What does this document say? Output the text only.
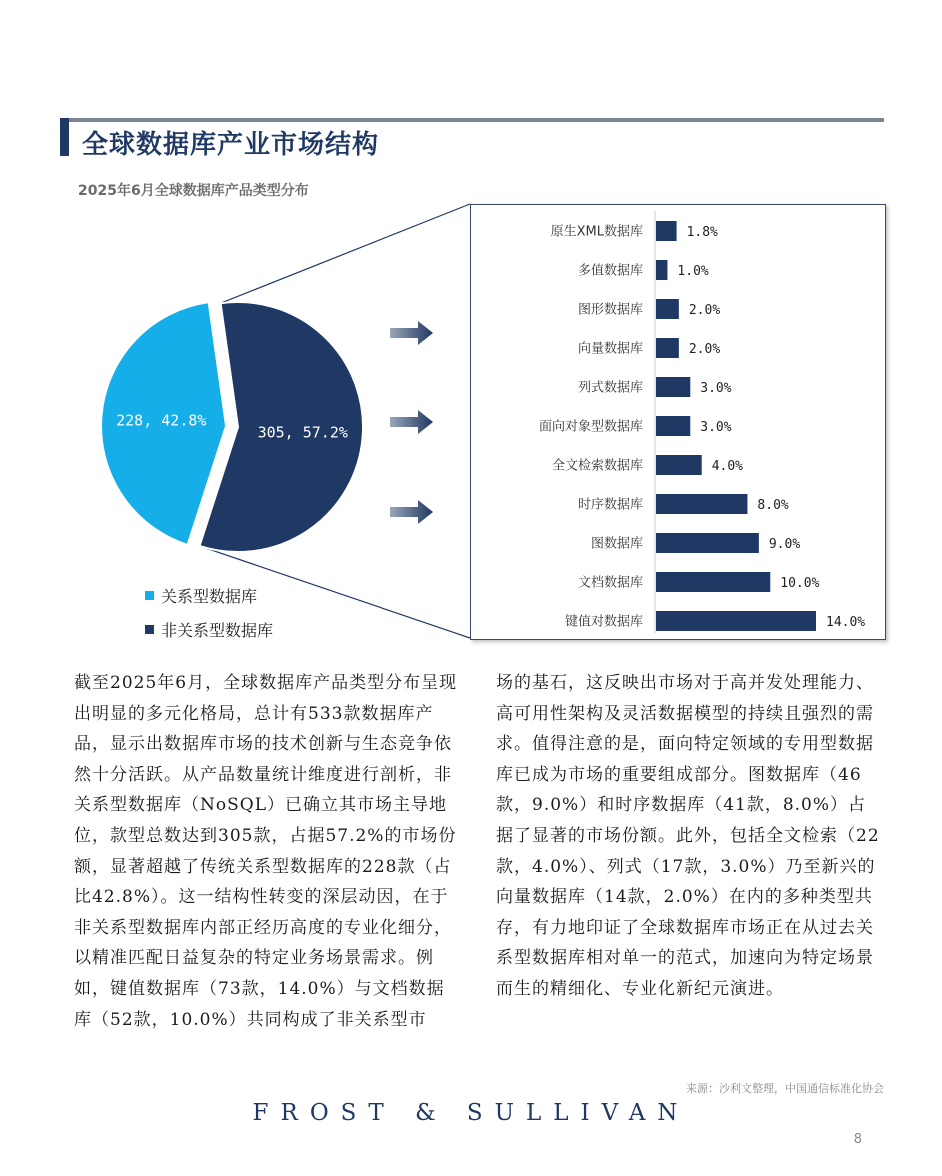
全球数据库产业市场结构
2025年6月全球数据库产品类型分布
305, 57.2%
228, 42.8%
关系型数据库
非关系型数据库
原生XML数据库	1.8%
多值数据库	1.0%
图形数据库	2.0%
向量数据库	2.0%
列式数据库	3.0%
面向对象型数据库	3.0%
全文检索数据库	4.0%
时序数据库	8.0%
图数据库	9.0%
文档数据库	10.0%
键值对数据库	14.0%
截至2025年6月，全球数据库产品类型分布呈现出明显的多元化格局，总计有533款数据库产品，显示出数据库市场的技术创新与生态竞争依然十分活跃。从产品数量统计维度进行剖析，非关系型数据库（NoSQL）已确立其市场主导地位，款型总数达到305款，占据57.2%的市场份额，显著超越了传统关系型数据库的228款（占比42.8%）。这一结构性转变的深层动因，在于非关系型数据库内部正经历高度的专业化细分，以精准匹配日益复杂的特定业务场景需求。例如，键值数据库（73款，14.0%）与文档数据库（52款，10.0%）共同构成了非关系型市
场的基石，这反映出市场对于高并发处理能力、高可用性架构及灵活数据模型的持续且强烈的需求。值得注意的是，面向特定领域的专用型数据库已成为市场的重要组成部分。图数据库（46款，9.0%）和时序数据库（41款，8.0%）占据了显著的市场份额。此外，包括全文检索（22款，4.0%）、列式（17款，3.0%）乃至新兴的向量数据库（14款，2.0%）在内的多种类型共存，有力地印证了全球数据库市场正在从过去关系型数据库相对单一的范式，加速向为特定场景而生的精细化、专业化新纪元演进。
来源：沙利文整理，中国通信标准化协会
FROST & SULLIVAN
8
